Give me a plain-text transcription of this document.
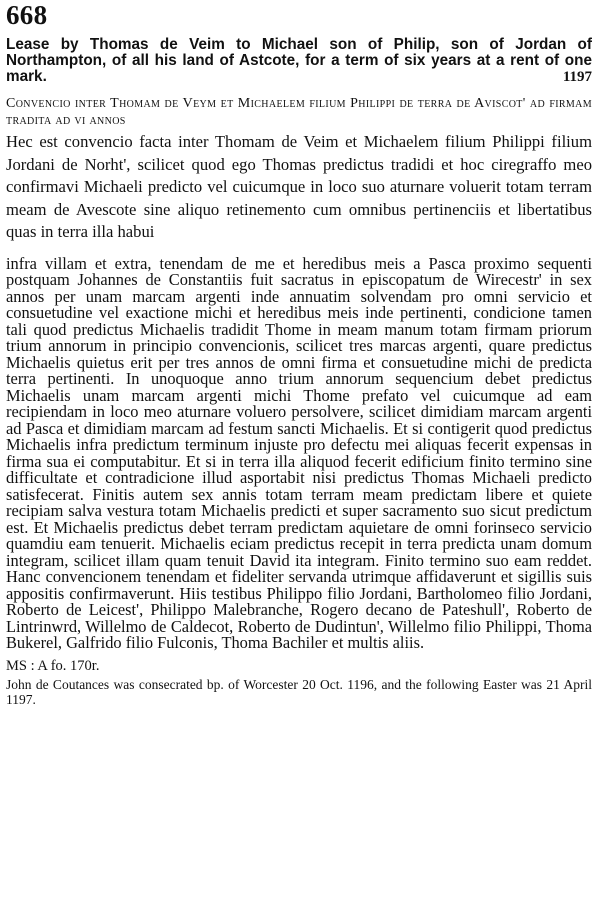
668
Lease by Thomas de Veim to Michael son of Philip, son of Jordan of Northampton, of all his land of Astcote, for a term of six years at a rent of one mark.	1197
Convencio inter Thomam de Veym et Michaelem filium Philippi de terra de Aviscot' ad firmam tradita ad vi annos
Hec est convencio facta inter Thomam de Veim et Michaelem filium Philippi filium Jordani de Norht', scilicet quod ego Thomas predictus tradidi et hoc ciregraffo meo confirmavi Michaeli predicto vel cuicumque in loco suo aturnare voluerit totam terram meam de Avescote sine aliquo retinemento cum omnibus pertinenciis et libertatibus quas in terra illa habui
infra villam et extra, tenendam de me et heredibus meis a Pasca proximo sequenti postquam Johannes de Constantiis fuit sacratus in episcopatum de Wirecestr' in sex annos per unam marcam argenti inde annuatim solvendam pro omni servicio et consuetudine vel exactione michi et heredibus meis inde pertinenti, condicione tamen tali quod predictus Michaelis tradidit Thome in meam manum totam firmam priorum trium annorum in principio convencionis, scilicet tres marcas argenti, quare predictus Michaelis quietus erit per tres annos de omni firma et consuetudine michi de predicta terra pertinenti. In unoquoque anno trium annorum sequencium debet predictus Michaelis unam marcam argenti michi Thome prefato vel cuicumque ad eam recipiendam in loco meo aturnare voluero persolvere, scilicet dimidiam marcam argenti ad Pasca et dimidiam marcam ad festum sancti Michaelis. Et si contigerit quod predictus Michaelis infra predictum terminum injuste pro defectu mei aliquas fecerit expensas in firma sua ei computabitur. Et si in terra illa aliquod fecerit edificium finito termino sine difficultate et contradicione illud asportabit nisi predictus Thomas Michaeli predicto satisfecerat. Finitis autem sex annis totam terram meam predictam libere et quiete recipiam salva vestura totam Michaelis predicti et super sacramento suo sicut predictum est. Et Michaelis predictus debet terram predictam aquietare de omni forinseco servicio quamdiu eam tenuerit. Michaelis eciam predictus recepit in terra predicta unam domum integram, scilicet illam quam tenuit David ita integram. Finito termino suo eam reddet. Hanc convencionem tenendam et fideliter servanda utrimque affidaverunt et sigillis suis appositis confirmaverunt. Hiis testibus Philippo filio Jordani, Bartholomeo filio Jordani, Roberto de Leicest', Philippo Malebranche, Rogero decano de Pateshull', Roberto de Lintrinwrd, Willelmo de Caldecot, Roberto de Dudintun', Willelmo filio Philippi, Thoma Bukerel, Galfrido filio Fulconis, Thoma Bachiler et multis aliis.
MS : A fo. 170r.
John de Coutances was consecrated bp. of Worcester 20 Oct. 1196, and the following Easter was 21 April 1197.
